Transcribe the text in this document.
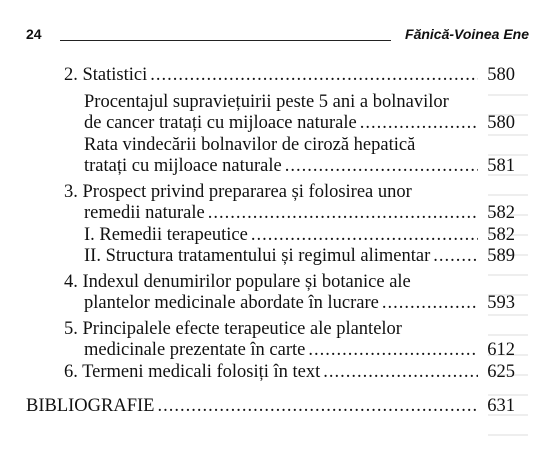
24	Fănică-Voinea Ene
2. Statistici .....	580
Procentajul supraviețuirii peste 5 ani a bolnavilor
de cancer tratați cu mijloace naturale .....	580
Rata vindecării bolnavilor de ciroză hepatică
tratați cu mijloace naturale .....	581
3. Prospect privind prepararea și folosirea unor
remedii naturale .....	582
I. Remedii terapeutice .....	582
II. Structura tratamentului și regimul alimentar .....	589
4. Indexul denumirilor populare și botanice ale
plantelor medicinale abordate în lucrare .....	593
5. Principalele efecte terapeutice ale plantelor
medicinale prezentate în carte .....	612
6. Termeni medicali folosiți în text .....	625
BIBLIOGRAFIE .....	631
